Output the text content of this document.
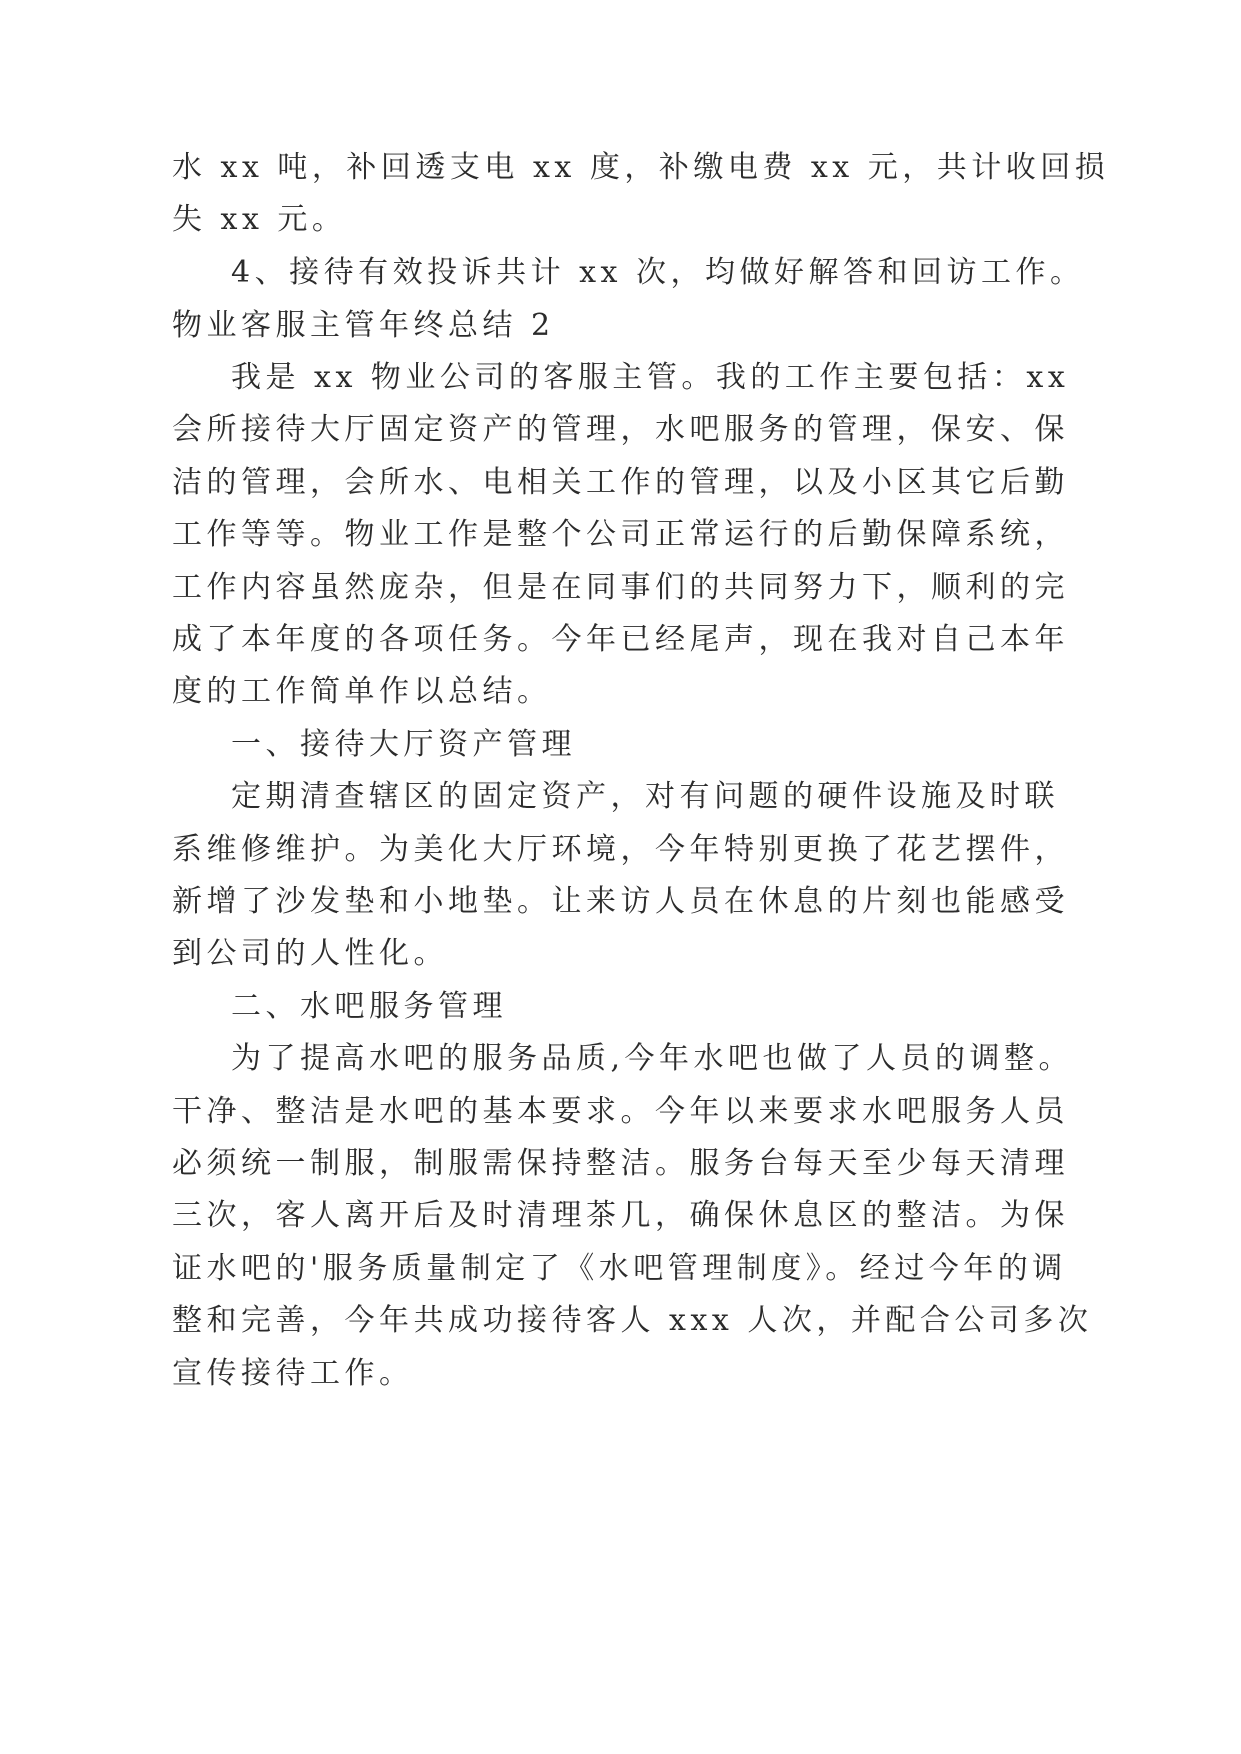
水 xx 吨，补回透支电 xx 度，补缴电费 xx 元，共计收回损

失 xx 元。

4、接待有效投诉共计 xx 次，均做好解答和回访工作。

物业客服主管年终总结 2

我是 xx 物业公司的客服主管。我的工作主要包括：xx

会所接待大厅固定资产的管理，水吧服务的管理，保安、保

洁的管理，会所水、电相关工作的管理，以及小区其它后勤

工作等等。物业工作是整个公司正常运行的后勤保障系统，

工作内容虽然庞杂，但是在同事们的共同努力下，顺利的完

成了本年度的各项任务。今年已经尾声，现在我对自己本年

度的工作简单作以总结。

一、接待大厅资产管理

定期清查辖区的固定资产，对有问题的硬件设施及时联

系维修维护。为美化大厅环境，今年特别更换了花艺摆件，

新增了沙发垫和小地垫。让来访人员在休息的片刻也能感受

到公司的人性化。

二、水吧服务管理

为了提高水吧的服务品质,今年水吧也做了人员的调整。

干净、整洁是水吧的基本要求。今年以来要求水吧服务人员

必须统一制服，制服需保持整洁。服务台每天至少每天清理

三次，客人离开后及时清理茶几，确保休息区的整洁。为保

证水吧的'服务质量制定了《水吧管理制度》。经过今年的调

整和完善，今年共成功接待客人 xxx 人次，并配合公司多次

宣传接待工作。
